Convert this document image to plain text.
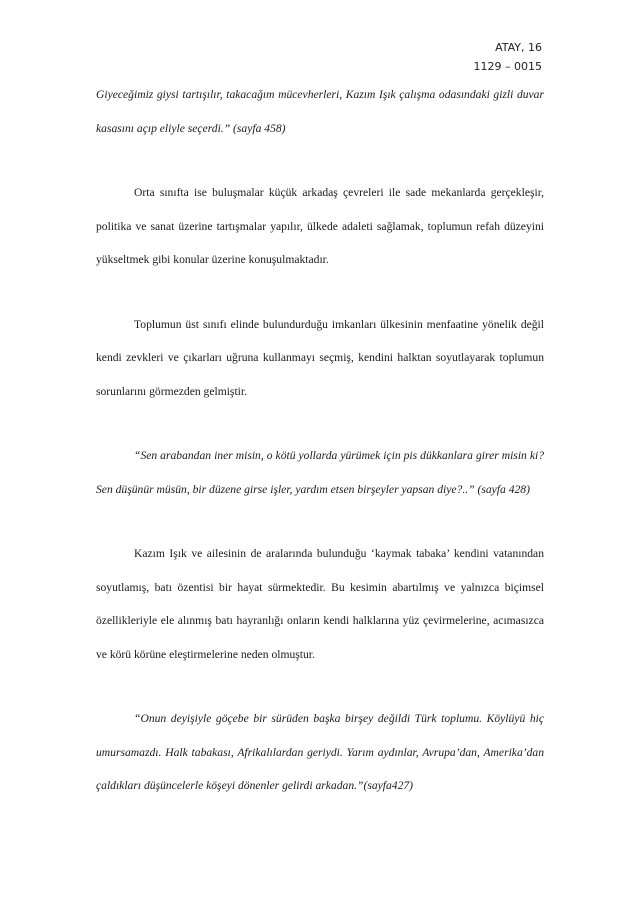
ATAY, 16
1129 – 0015

Giyeceğimiz giysi tartışılır, takacağım mücevherleri, Kazım Işık çalışma odasındaki gizli duvar kasasını açıp eliyle seçerdi.” (sayfa 458)

Orta sınıfta ise buluşmalar küçük arkadaş çevreleri ile sade mekanlarda gerçekleşir, politika ve sanat üzerine tartışmalar yapılır, ülkede adaleti sağlamak, toplumun refah düzeyini yükseltmek gibi konular üzerine konuşulmaktadır.

Toplumun üst sınıfı elinde bulundurduğu imkanları ülkesinin menfaatine yönelik değil kendi zevkleri ve çıkarları uğruna kullanmayı seçmiş, kendini halktan soyutlayarak toplumun sorunlarını görmezden gelmiştir.

“Sen arabandan iner misin, o kötü yollarda yürümek için pis dükkanlara girer misin ki? Sen düşünür müsün, bir düzene girse işler, yardım etsen birşeyler yapsan diye?..” (sayfa 428)

Kazım Işık ve ailesinin de aralarında bulunduğu ‘kaymak tabaka’ kendini vatanından soyutlamış, batı özentisi bir hayat sürmektedir. Bu kesimin abartılmış ve yalnızca biçimsel özellikleriyle ele alınmış batı hayranlığı onların kendi halklarına yüz çevirmelerine, acımasızca ve körü körüne eleştirmelerine neden olmuştur.

“Onun deyişiyle göçebe bir sürüden başka birşey değildi Türk toplumu. Köylüyü hiç umursamazdı. Halk tabakası, Afrikalılardan geriydi. Yarım aydınlar, Avrupa’dan, Amerika’dan çaldıkları düşüncelerle köşeyi dönenler gelirdi arkadan.”(sayfa427)
